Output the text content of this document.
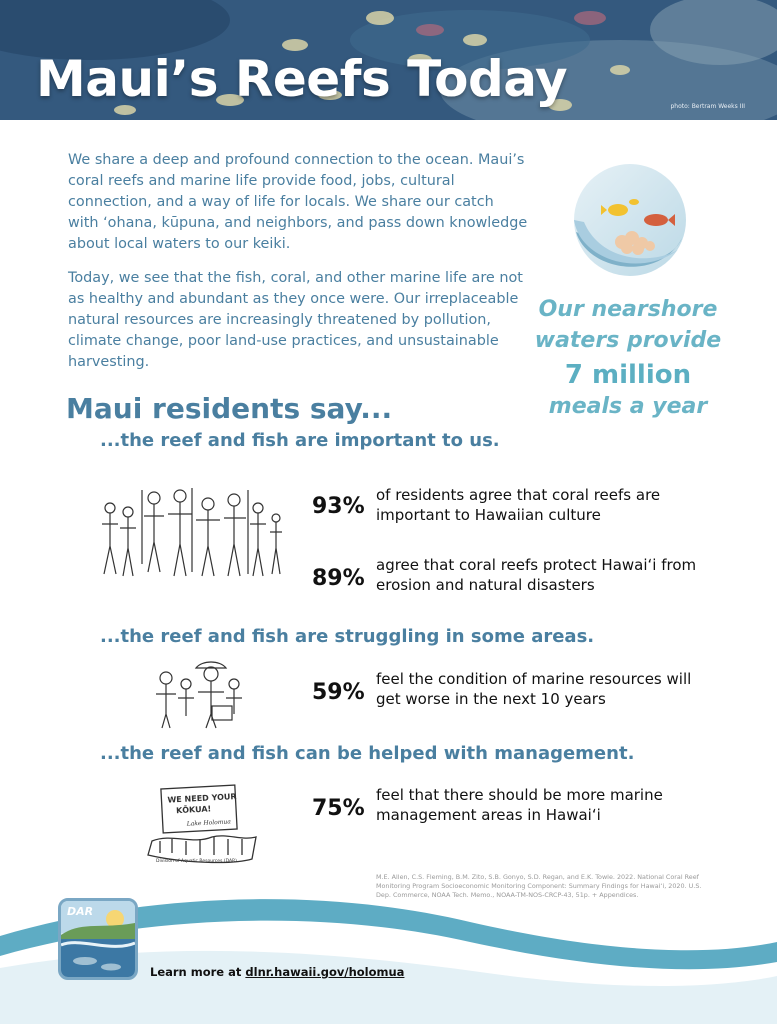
Maui’s Reefs Today	photo: Bertram Weeks III

We share a deep and profound connection to the ocean. Maui’s coral reefs and marine life provide food, jobs, cultural connection, and a way of life for locals. We share our catch with ʻohana, kūpuna, and neighbors, and pass down knowledge about local waters to our keiki.

Today, we see that the fish, coral, and other marine life are not as healthy and abundant as they once were. Our irreplaceable natural resources are increasingly threatened by pollution, climate change, poor land-use practices, and unsustainable harvesting.

Our nearshore
waters provide
7 million
meals a year
Maui residents say...
...the reef and fish are important to us.
...the reef and fish are struggling in some areas.
...the reef and fish can be helped with management.
93% of residents agree that coral reefs are important to Hawaiian culture
89%
agree that coral reefs protect Hawaiʻi from erosion and natural disasters
59%
feel the condition of marine resources will get worse in the next 10 years
WE NEED YOUR
KŌKUA!
Lake Holomua
Division of Aquatic Resources (DAR)
75%
feel that there should be more marine management areas in Hawaiʻi

M.E. Allen, C.S. Fleming, B.M. Zito, S.B. Gonyo, S.D. Regan, and E.K. Towle. 2022. National Coral Reef Monitoring Program Socioeconomic Monitoring Component: Summary Findings for Hawaiʻi, 2020. U.S. Dep. Commerce, NOAA Tech. Memo., NOAA-TM-NOS-CRCP-43, 51p. + Appendices.

DAR
Learn more at dlnr.hawaii.gov/holomua
